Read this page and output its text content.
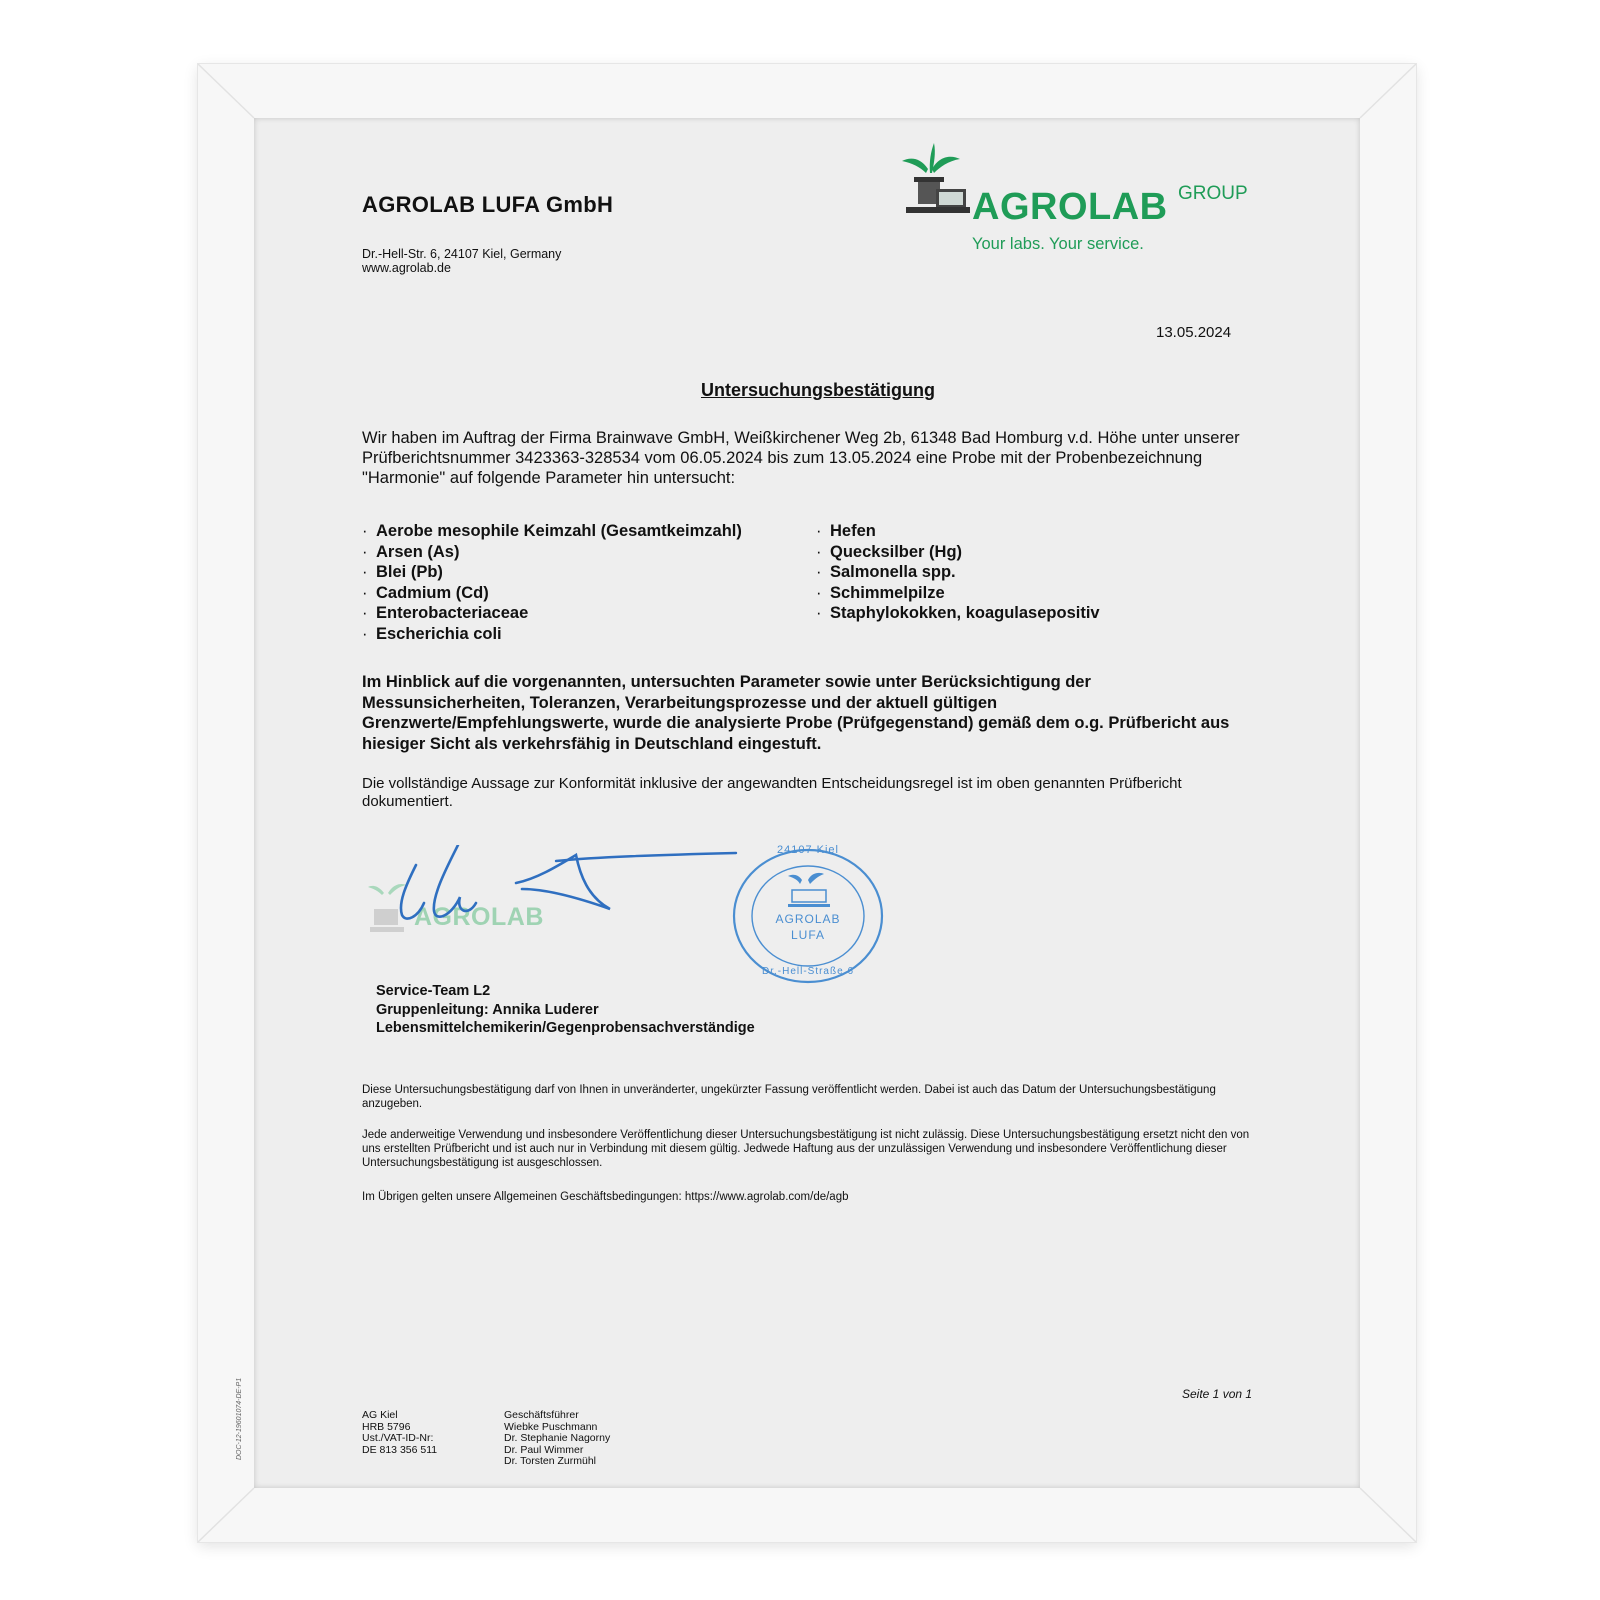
AGROLAB LUFA GmbH
Dr.-Hell-Str. 6, 24107 Kiel, Germany
www.agrolab.de
AGROLAB GROUP
Your labs. Your service.
13.05.2024
Untersuchungsbestätigung
Wir haben im Auftrag der Firma Brainwave GmbH, Weißkirchener Weg 2b, 61348 Bad Homburg v.d. Höhe unter unserer Prüfberichtsnummer 3423363-328534 vom 06.05.2024 bis zum 13.05.2024 eine Probe mit der Probenbezeichnung "Harmonie" auf folgende Parameter hin untersucht:
· Aerobe mesophile Keimzahl (Gesamtkeimzahl)
· Arsen (As)
· Blei (Pb)
· Cadmium (Cd)
· Enterobacteriaceae
· Escherichia coli
· Hefen
· Quecksilber (Hg)
· Salmonella spp.
· Schimmelpilze
· Staphylokokken, koagulasepositiv
Im Hinblick auf die vorgenannten, untersuchten Parameter sowie unter Berücksichtigung der Messunsicherheiten, Toleranzen, Verarbeitungsprozesse und der aktuell gültigen Grenzwerte/Empfehlungswerte, wurde die analysierte Probe (Prüfgegenstand) gemäß dem o.g. Prüfbericht aus hiesiger Sicht als verkehrsfähig in Deutschland eingestuft.
Die vollständige Aussage zur Konformität inklusive der angewandten Entscheidungsregel ist im oben genannten Prüfbericht dokumentiert.
AGROLAB
24107 Kiel
AGROLAB
LUFA
Dr.-Hell-Straße 6
Service-Team L2
Gruppenleitung: Annika Luderer
Lebensmittelchemikerin/Gegenprobensachverständige
Diese Untersuchungsbestätigung darf von Ihnen in unveränderter, ungekürzter Fassung veröffentlicht werden. Dabei ist auch das Datum der Untersuchungsbestätigung anzugeben.
Jede anderweitige Verwendung und insbesondere Veröffentlichung dieser Untersuchungsbestätigung ist nicht zulässig. Diese Untersuchungsbestätigung ersetzt nicht den von uns erstellten Prüfbericht und ist auch nur in Verbindung mit diesem gültig. Jedwede Haftung aus der unzulässigen Verwendung und insbesondere Veröffentlichung dieser Untersuchungsbestätigung ist ausgeschlossen.
Im Übrigen gelten unsere Allgemeinen Geschäftsbedingungen: https://www.agrolab.com/de/agb
Seite 1 von 1
AG Kiel
HRB 5796
Ust./VAT-ID-Nr:
DE 813 356 511
Geschäftsführer
Wiebke Puschmann
Dr. Stephanie Nagorny
Dr. Paul Wimmer
Dr. Torsten Zurmühl
DOC-12-19601074-DE-P1
